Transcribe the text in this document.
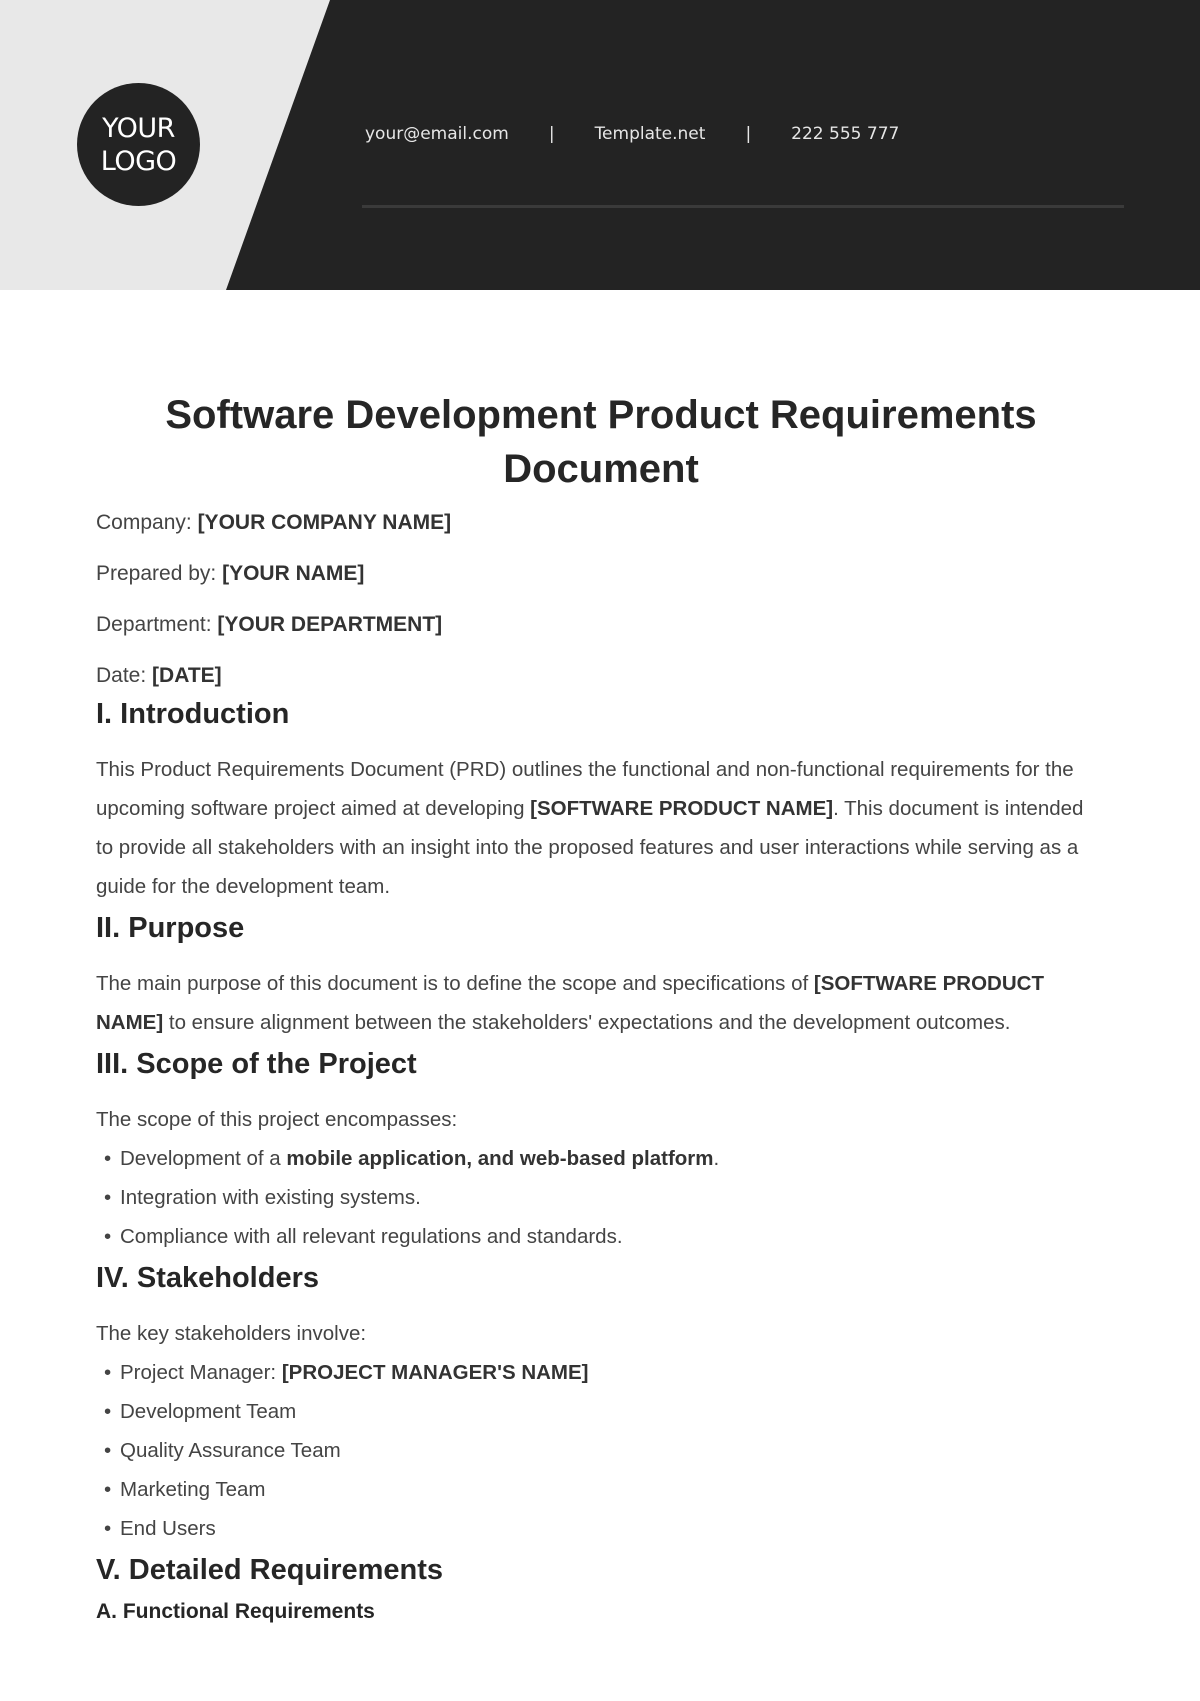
YOUR LOGO
your@email.com | Template.net | 222 555 777
Software Development Product Requirements Document
Company: [YOUR COMPANY NAME]
Prepared by: [YOUR NAME]
Department: [YOUR DEPARTMENT]
Date: [DATE]
I. Introduction

This Product Requirements Document (PRD) outlines the functional and non-functional requirements for the upcoming software project aimed at developing [SOFTWARE PRODUCT NAME]. This document is intended to provide all stakeholders with an insight into the proposed features and user interactions while serving as a guide for the development team.

II. Purpose

The main purpose of this document is to define the scope and specifications of [SOFTWARE PRODUCT NAME] to ensure alignment between the stakeholders' expectations and the development outcomes.

III. Scope of the Project

The scope of this project encompasses:

• Development of a mobile application, and web-based platform.
• Integration with existing systems.
• Compliance with all relevant regulations and standards.
IV. Stakeholders

The key stakeholders involve:

• Project Manager: [PROJECT MANAGER'S NAME]
• Development Team
• Quality Assurance Team
• Marketing Team
• End Users
V. Detailed Requirements
A. Functional Requirements
